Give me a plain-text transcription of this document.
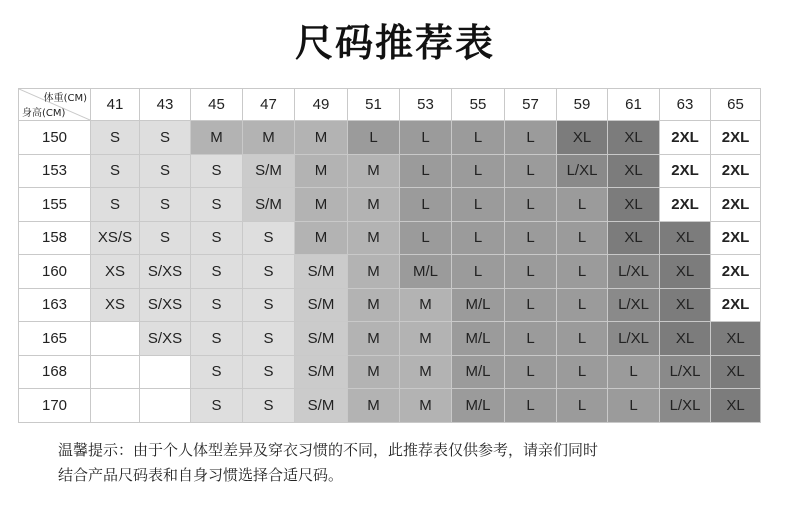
尺码推荐表
体重(CM)
身高(CM)	41	43	45	47	49	51	53	55	57	59	61	63	65
150	S	S	M	M	M	L	L	L	L	XL	XL	2XL	2XL
153	S	S	S	S/M	M	M	L	L	L	L/XL	XL	2XL	2XL
155	S	S	S	S/M	M	M	L	L	L	L	XL	2XL	2XL
158	XS/S	S	S	S	M	M	L	L	L	L	XL	XL	2XL
160	XS	S/XS	S	S	S/M	M	M/L	L	L	L	L/XL	XL	2XL
163	XS	S/XS	S	S	S/M	M	M	M/L	L	L	L/XL	XL	2XL
165		S/XS	S	S	S/M	M	M	M/L	L	L	L/XL	XL	XL
168			S	S	S/M	M	M	M/L	L	L	L	L/XL	XL
170			S	S	S/M	M	M	M/L	L	L	L	L/XL	XL
温馨提示：由于个人体型差异及穿衣习惯的不同，此推荐表仅供参考，请亲们同时
结合产品尺码表和自身习惯选择合适尺码。
